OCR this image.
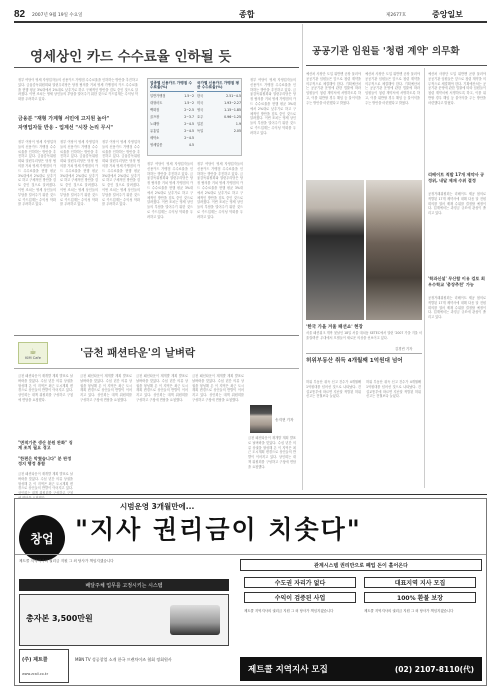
82 2007년 9월 19일 수요일	종합	제2677호	중앙일보
영세상인 카드 수수료율 인하될 듯
정부 여당이 영세 자영업자들의 신용카드 가맹점 수수료율을 인하하는 방안을 추진하고 있다. 금융감독위원회와 열린우리당은 당정 협의를 거쳐 영세 가맹점의 카드 수수료율을 현행 평균 3%대에서 2%대로 낮추기로 하고 구체적인 방안을 검토 중인 것으로 알려졌다. 이번 조치는 영세 상인들의 부담을 덜어주기 위한 것으로 카드업계는 수익성 악화를 우려하고 있다.
금융분 "재형 가계형 서민에 고지원 높아"
자영업자들 반응 - 업계선 "시장 논리 무시"
정부 여당이 영세 자영업자들의 신용카드 가맹점 수수료율을 인하하는 방안을 추진하고 있다. 금융감독위원회와 열린우리당은 당정 협의를 거쳐 영세 가맹점의 카드 수수료율을 현행 평균 3%대에서 2%대로 낮추기로 하고 구체적인 방안을 검토 중인 것으로 알려졌다. 이번 조치는 영세 상인들의 부담을 덜어주기 위한 것으로 카드업계는 수익성 악화를 우려하고 있다.
정부 여당이 영세 자영업자들의 신용카드 가맹점 수수료율을 인하하는 방안을 추진하고 있다. 금융감독위원회와 열린우리당은 당정 협의를 거쳐 영세 가맹점의 카드 수수료율을 현행 평균 3%대에서 2%대로 낮추기로 하고 구체적인 방안을 검토 중인 것으로 알려졌다. 이번 조치는 영세 상인들의 부담을 덜어주기 위한 것으로 카드업계는 수익성 악화를 우려하고 있다.
정부 여당이 영세 자영업자들의 신용카드 가맹점 수수료율을 인하하는 방안을 추진하고 있다. 금융감독위원회와 열린우리당은 당정 협의를 거쳐 영세 가맹점의 카드 수수료율을 현행 평균 3%대에서 2%대로 낮추기로 하고 구체적인 방안을 검토 중인 것으로 알려졌다. 이번 조치는 영세 상인들의 부담을 덜어주기 위한 것으로 카드업계는 수익성 악화를 우려하고 있다.
업종별 신용카드 가맹점 수수료율(%)
국가별 신용카드 가맹점 평균 수수료율(%)
일반가맹점	1.5~2
대형마트	1.5~2
백화점	2~2.5
골프장	2~3.7
노래방	2~4.5
유흥업	2~4.5
세탁소	2~4.5
영세업종	4.5
한국	2.51~4.5
미국	1.93~2.27
영국	1.15~1.85
호주	0.96~1.25
일본	1.9
독일	2.05
정부 여당이 영세 자영업자들의 신용카드 가맹점 수수료율을 인하하는 방안을 추진하고 있다. 금융감독위원회와 열린우리당은 당정 협의를 거쳐 영세 가맹점의 카드 수수료율을 현행 평균 3%대에서 2%대로 낮추기로 하고 구체적인 방안을 검토 중인 것으로 알려졌다. 이번 조치는 영세 상인들의 부담을 덜어주기 위한 것으로 카드업계는 수익성 악화를 우려하고 있다.
정부 여당이 영세 자영업자들의 신용카드 가맹점 수수료율을 인하하는 방안을 추진하고 있다. 금융감독위원회와 열린우리당은 당정 협의를 거쳐 영세 가맹점의 카드 수수료율을 현행 평균 3%대에서 2%대로 낮추기로 하고 구체적인 방안을 검토 중인 것으로 알려졌다. 이번 조치는 영세 상인들의 부담을 덜어주기 위한 것으로 카드업계는 수익성 악화를 우려하고 있다.
정부 여당이 영세 자영업자들의 신용카드 가맹점 수수료율을 인하하는 방안을 추진하고 있다. 금융감독위원회와 열린우리당은 당정 협의를 거쳐 영세 가맹점의 카드 수수료율을 현행 평균 3%대에서 2%대로 낮추기로 하고 구체적인 방안을 검토 중인 것으로 알려졌다. 이번 조치는 영세 상인들의 부담을 덜어주기 위한 것으로 카드업계는 수익성 악화를 우려하고 있다.
☕
KIM Cafe	'금천 패션타운'의 날벼락
금천 패션타운이 재개발 계획 발표로 날벼락을 맞았다. 수십 년간 의류 상권을 형성해 온 이 지역은 최근 도시계획 변경으로 상인들의 반발이 이어지고 있다. 상인회는 대책 위원회를 구성하고 구청에 면담을 요청했다.
"면적기준 생산 분원 완화" 징계 조치 필요 경고
"한편은 막혔습니다" 분 판정 정지 행정 통합
금천 패션타운이 재개발 계획 발표로 날벼락을 맞았다. 수십 년간 의류 상권을 형성해 온 이 지역은 최근 도시계획 변경으로 상인들의 반발이 이어지고 있다. 상인회는 대책 위원회를 구성하고 구청
금천 패션타운이 재개발 계획 발표로 날벼락을 맞았다. 수십 년간 의류 상권을 형성해 온 이 지역은 최근 도시계획 변경으로 상인들의 반발이 이어지고 있다. 상인회는 대책 위원회를 구성하고 구청에 면담을 요청했다.
금천 패션타운이 재개발 계획 발표로 날벼락을 맞았다. 수십 년간 의류 상권을 형성해 온 이 지역은 최근 도시계획 변경으로 상인들의 반발이 이어지고 있다. 상인회는 대책 위원회를 구성하고 구청에 면담을 요청했다.
금천 패션타운이 재개발 계획 발표로 날벼락을 맞았다. 수십 년간 의류 상권을 형성해 온 이 지역은 최근 도시계획 변경으로 상인들의 반발이 이어지고 있다. 상인회는 대책 위원회를 구성하고 구청에 면담을 요청했다.
송지현 기자
금천 패션타운이 재개발 계획 발표로 날벼락을 맞았다. 수십 년간 의류 상권을 형성해 온 이 지역은 최근 도시계획 변경으로 상인들의 반발이 이어지고 있다. 상인회는 대책 위원회를 구성하고 구청에 면담을 요청했다.
공공기관 임원들 '청렴 계약' 의무화
예산처 사장단 도입 위반땐 곧장 물러야 공공기관 임원들은 앞으로 청렴 계약을 의무적으로 체결해야 한다. 기획예산처는 공공기관 운영에 관한 법률에 따라 임원들이 청렴 계약서에 서명하도록 하고, 이를 위반할 경우 해임 등 불이익을 주는 방안을 마련했다고 밝혔다.
예산처 사장단 도입 위반땐 곧장 물러야 공공기관 임원들은 앞으로 청렴 계약을 의무적으로 체결해야 한다. 기획예산처는 공공기관 운영에 관한 법률에 따라 임원들이 청렴 계약서에 서명하도록 하고, 이를 위반할 경우 해임 등 불이익을 주는 방안을 마련했다고 밝혔다.
예산처 사장단 도입 위반땐 곧장 물러야 공공기관 임원들은 앞으로 청렴 계약을 의무적으로 체결해야 한다. 기획예산처는 공공기관 운영에 관한 법률에 따라 임원들이 청렴 계약서에 서명하도록 하고, 이를 위반할 경우 해임 등 불이익을 주는 방안을 마련했다고 밝혔다.
리베이트 적발 17개 제약사 공정위, 내달 제재 수위 결정
공정거래위원회는 리베이트 제공 혐의로 적발된 17개 제약사에 대해 다음 달 전원회의를 열어 제재 수위를 결정할 예정이다. 업계에서는 과징금 규모에 관심이 쏠리고 있다.
'학과신설' 무산할 이유 검토 최우수학교 '총장추천' 가능
공정거래위원회는 리베이트 제공 혐의로 적발된 17개 제약사에 대해 다음 달 전원회의를 열어 제재 수위를 결정할 예정이다. 업계에서는 과징금 규모에 관심이 쏠리고 있다.
'한국 가을 겨울 패션쇼' 현장
서울 패션위크 개막 첫날인 18일 서울 대치동 SETEC에서 열린 '2007 가을 겨울 서울컬렉션' 무대에서 모델들이 새로운 의상을 선보이고 있다.
김경빈 기자
허위부동산 취득 4개월째 1억원대 넘어
허위 부동산 취득 신고 건수가 4개월째 1억원대를 넘어선 것으로 나타났다. 건설교통부에 따르면 지난달 적발된 허위 신고는 전월보다 늘었다.
허위 부동산 취득 신고 건수가 4개월째 1억원대를 넘어선 것으로 나타났다. 건설교통부에 따르면 지난달 적발된 허위 신고는 전월보다 늘었다.
창업
시범운영 3개월만에...
"지사 권리금이 치솟다"
제트콜 지역지사의 권리금 지원 그 외 당사가 책임지겠습니다
배달주체 업무를 고정시키는 시스템
총자본 3,500만원
(주) 제트콜
www.zcall.co.kr
MBN TV 성공창업 소개 한국 프랜차이즈 협회 정회원사
관계시스템 권리만으로 폐업 돈이 흘어온다
수도권 자리가 없다	대표지역 지사 모집
수익이 검증된 사업	100% 환불 보장
제트콜 지역지사의 권리금 지원 그 외 당사가 책임지겠습니다	제트콜 지역지사의 권리금 지원 그 외 당사가 책임지겠습니다
제트콜 지역지사 모집	(02) 2107-8110(代)
